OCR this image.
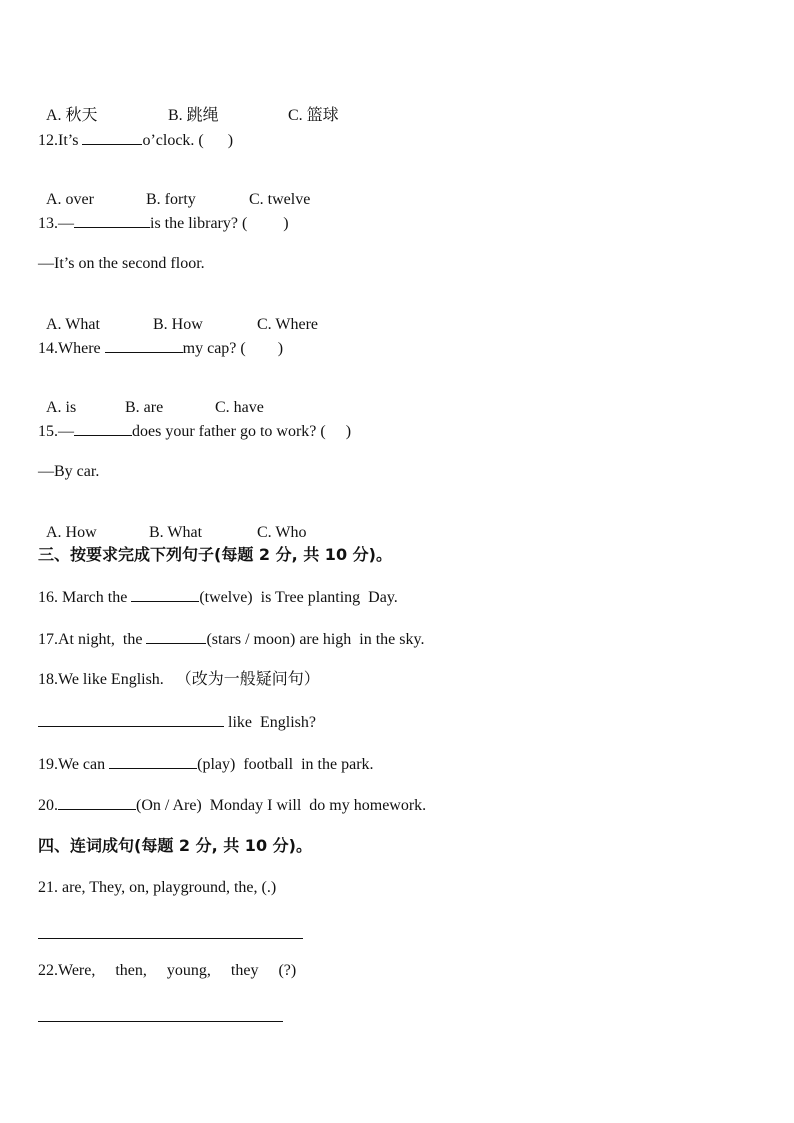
A. 秋天	B. 跳绳	C. 篮球

12.It’s	o’clock. (      )

A. over	B. forty	C. twelve

13.—	is the library? (         )
—It’s on the second floor.

A. What	B. How	C. Where

14.Where	my cap? (        )

A. is	B. are	C. have

15.—	does your father go to work? (     )
—By car.

A. How	B. What	C. Who

三、按要求完成下列句子(每题 2 分, 共 10 分)。
16. March the	(twelve)  is Tree planting  Day.
17.At night,  the	(stars / moon) are high  in the sky.
18.We like English.   （改为一般疑问句）
like  English?
19.We can	(play)  football  in the park.
20.	(On / Are)  Monday I will  do my homework.
四、连词成句(每题 2 分, 共 10 分)。
21. are, They, on, playground, the, (.)
22.Were,     then,     young,     they     (?)
